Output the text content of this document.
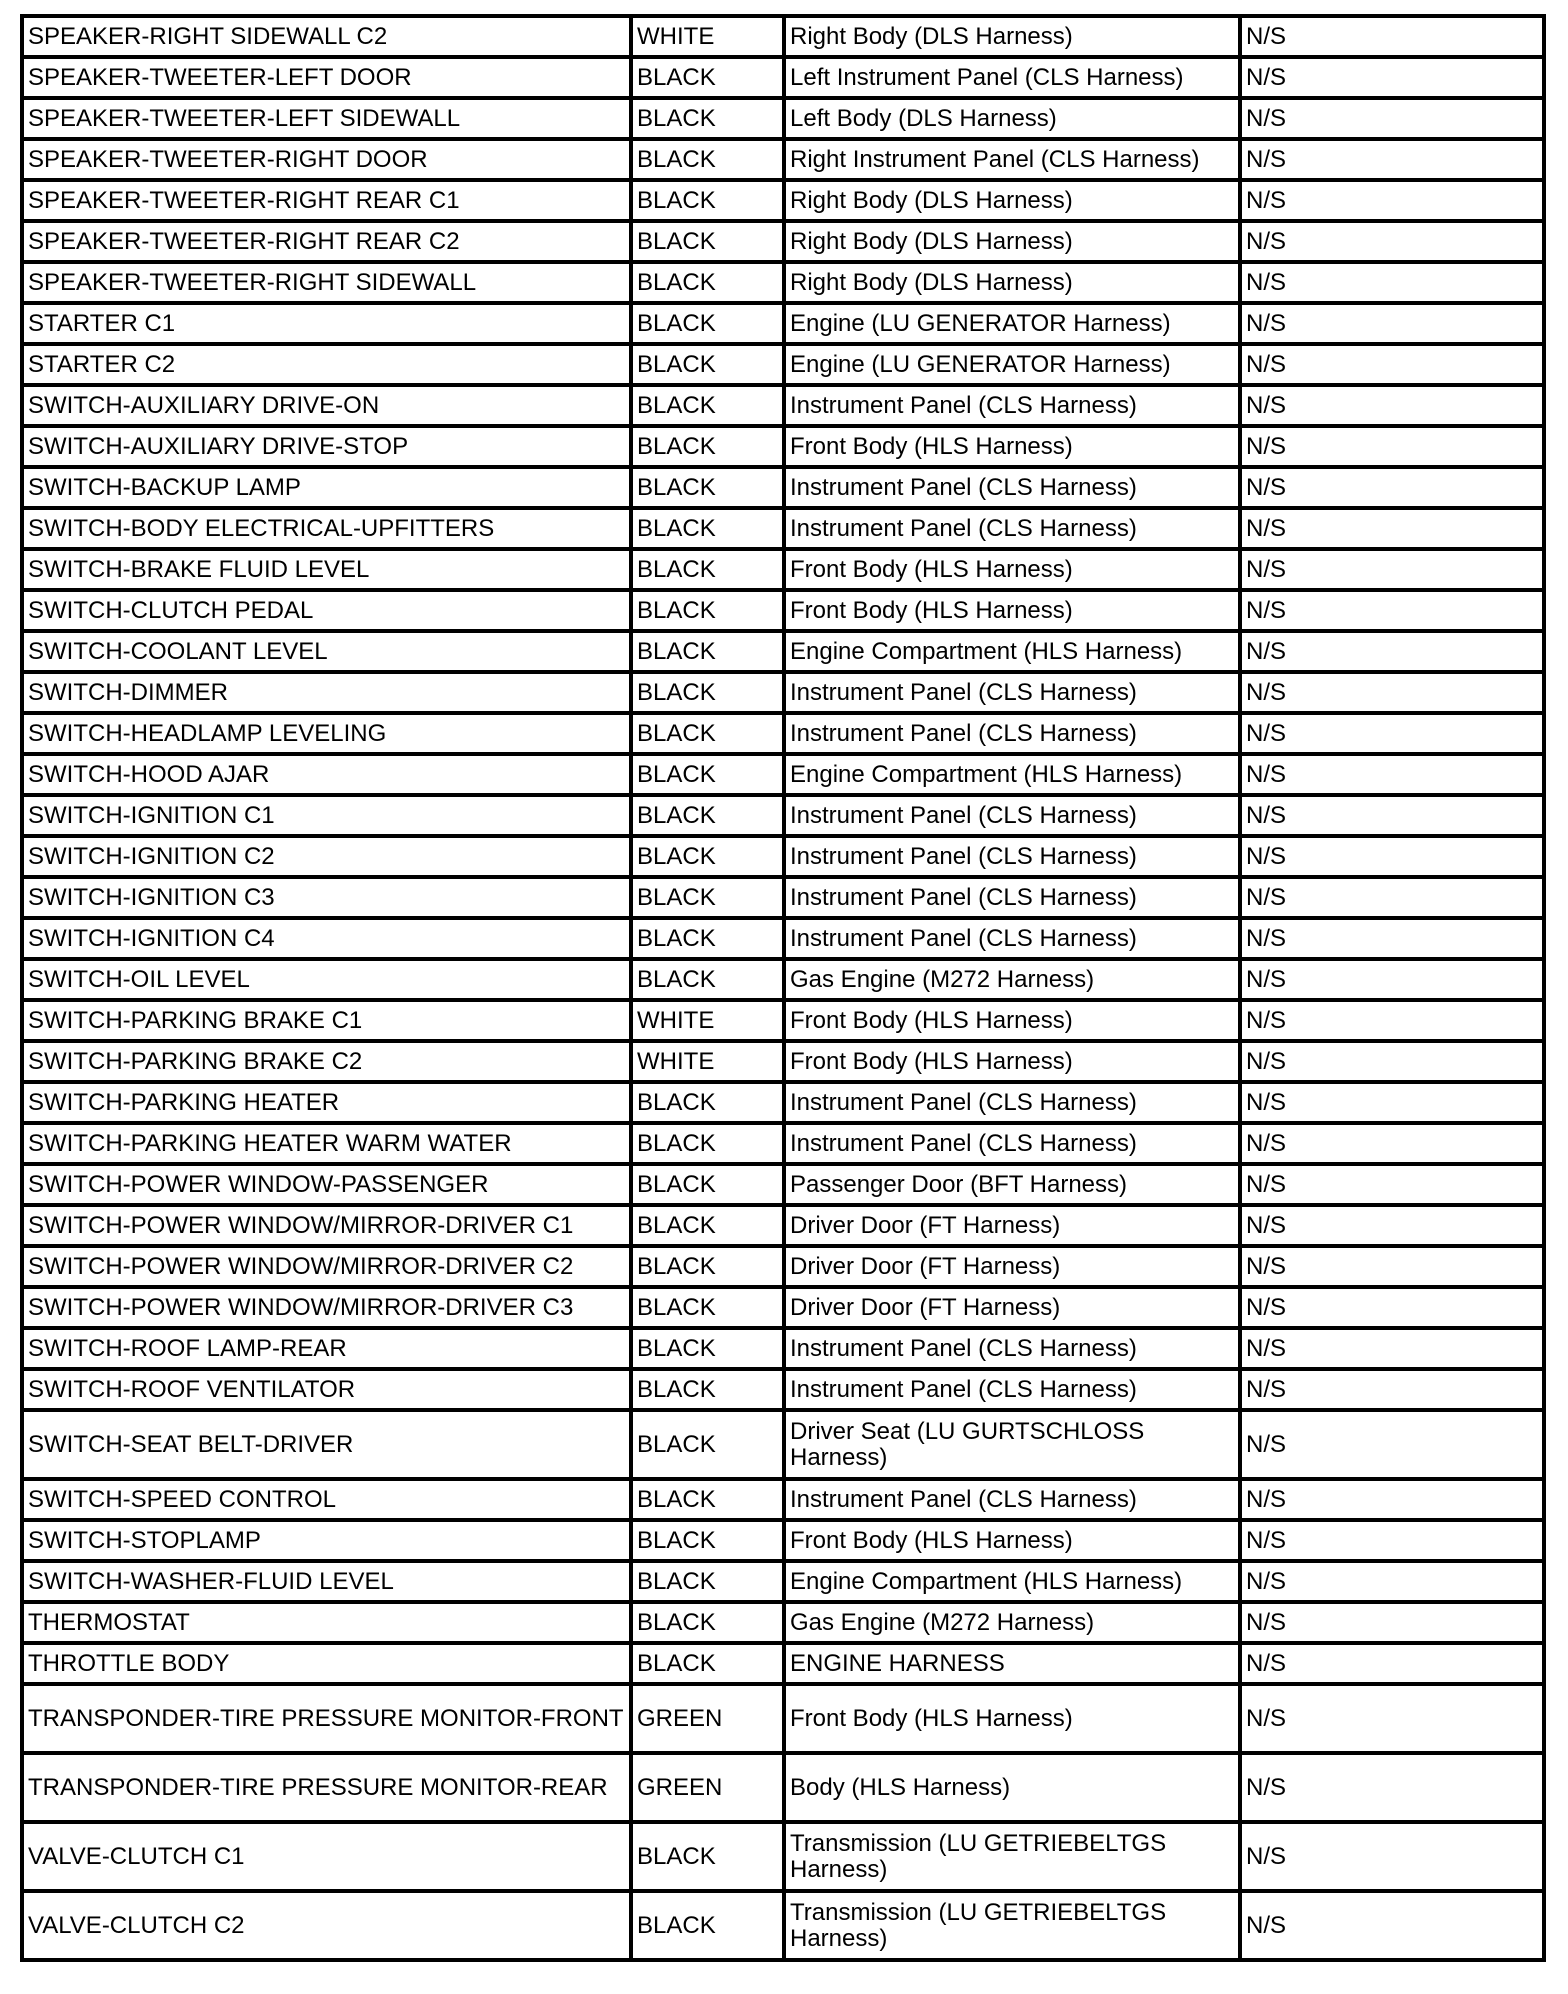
SPEAKER-RIGHT SIDEWALL C2	WHITE	Right Body (DLS Harness)	N/S
SPEAKER-TWEETER-LEFT DOOR	BLACK	Left Instrument Panel (CLS Harness)	N/S
SPEAKER-TWEETER-LEFT SIDEWALL	BLACK	Left Body (DLS Harness)	N/S
SPEAKER-TWEETER-RIGHT DOOR	BLACK	Right Instrument Panel (CLS Harness)	N/S
SPEAKER-TWEETER-RIGHT REAR C1	BLACK	Right Body (DLS Harness)	N/S
SPEAKER-TWEETER-RIGHT REAR C2	BLACK	Right Body (DLS Harness)	N/S
SPEAKER-TWEETER-RIGHT SIDEWALL	BLACK	Right Body (DLS Harness)	N/S
STARTER C1	BLACK	Engine (LU GENERATOR Harness)	N/S
STARTER C2	BLACK	Engine (LU GENERATOR Harness)	N/S
SWITCH-AUXILIARY DRIVE-ON	BLACK	Instrument Panel (CLS Harness)	N/S
SWITCH-AUXILIARY DRIVE-STOP	BLACK	Front Body (HLS Harness)	N/S
SWITCH-BACKUP LAMP	BLACK	Instrument Panel (CLS Harness)	N/S
SWITCH-BODY ELECTRICAL-UPFITTERS	BLACK	Instrument Panel (CLS Harness)	N/S
SWITCH-BRAKE FLUID LEVEL	BLACK	Front Body (HLS Harness)	N/S
SWITCH-CLUTCH PEDAL	BLACK	Front Body (HLS Harness)	N/S
SWITCH-COOLANT LEVEL	BLACK	Engine Compartment (HLS Harness)	N/S
SWITCH-DIMMER	BLACK	Instrument Panel (CLS Harness)	N/S
SWITCH-HEADLAMP LEVELING	BLACK	Instrument Panel (CLS Harness)	N/S
SWITCH-HOOD AJAR	BLACK	Engine Compartment (HLS Harness)	N/S
SWITCH-IGNITION C1	BLACK	Instrument Panel (CLS Harness)	N/S
SWITCH-IGNITION C2	BLACK	Instrument Panel (CLS Harness)	N/S
SWITCH-IGNITION C3	BLACK	Instrument Panel (CLS Harness)	N/S
SWITCH-IGNITION C4	BLACK	Instrument Panel (CLS Harness)	N/S
SWITCH-OIL LEVEL	BLACK	Gas Engine (M272 Harness)	N/S
SWITCH-PARKING BRAKE C1	WHITE	Front Body (HLS Harness)	N/S
SWITCH-PARKING BRAKE C2	WHITE	Front Body (HLS Harness)	N/S
SWITCH-PARKING HEATER	BLACK	Instrument Panel (CLS Harness)	N/S
SWITCH-PARKING HEATER WARM WATER	BLACK	Instrument Panel (CLS Harness)	N/S
SWITCH-POWER WINDOW-PASSENGER	BLACK	Passenger Door (BFT Harness)	N/S
SWITCH-POWER WINDOW/MIRROR-DRIVER C1	BLACK	Driver Door (FT Harness)	N/S
SWITCH-POWER WINDOW/MIRROR-DRIVER C2	BLACK	Driver Door (FT Harness)	N/S
SWITCH-POWER WINDOW/MIRROR-DRIVER C3	BLACK	Driver Door (FT Harness)	N/S
SWITCH-ROOF LAMP-REAR	BLACK	Instrument Panel (CLS Harness)	N/S
SWITCH-ROOF VENTILATOR	BLACK	Instrument Panel (CLS Harness)	N/S
SWITCH-SEAT BELT-DRIVER	BLACK	Driver Seat (LU GURTSCHLOSS Harness)	N/S
SWITCH-SPEED CONTROL	BLACK	Instrument Panel (CLS Harness)	N/S
SWITCH-STOPLAMP	BLACK	Front Body (HLS Harness)	N/S
SWITCH-WASHER-FLUID LEVEL	BLACK	Engine Compartment (HLS Harness)	N/S
THERMOSTAT	BLACK	Gas Engine (M272 Harness)	N/S
THROTTLE BODY	BLACK	ENGINE HARNESS	N/S
TRANSPONDER-TIRE PRESSURE MONITOR-FRONT	GREEN	Front Body (HLS Harness)	N/S
TRANSPONDER-TIRE PRESSURE MONITOR-REAR	GREEN	Body (HLS Harness)	N/S
VALVE-CLUTCH C1	BLACK	Transmission (LU GETRIEBELTGS Harness)	N/S
VALVE-CLUTCH C2	BLACK	Transmission (LU GETRIEBELTGS Harness)	N/S
